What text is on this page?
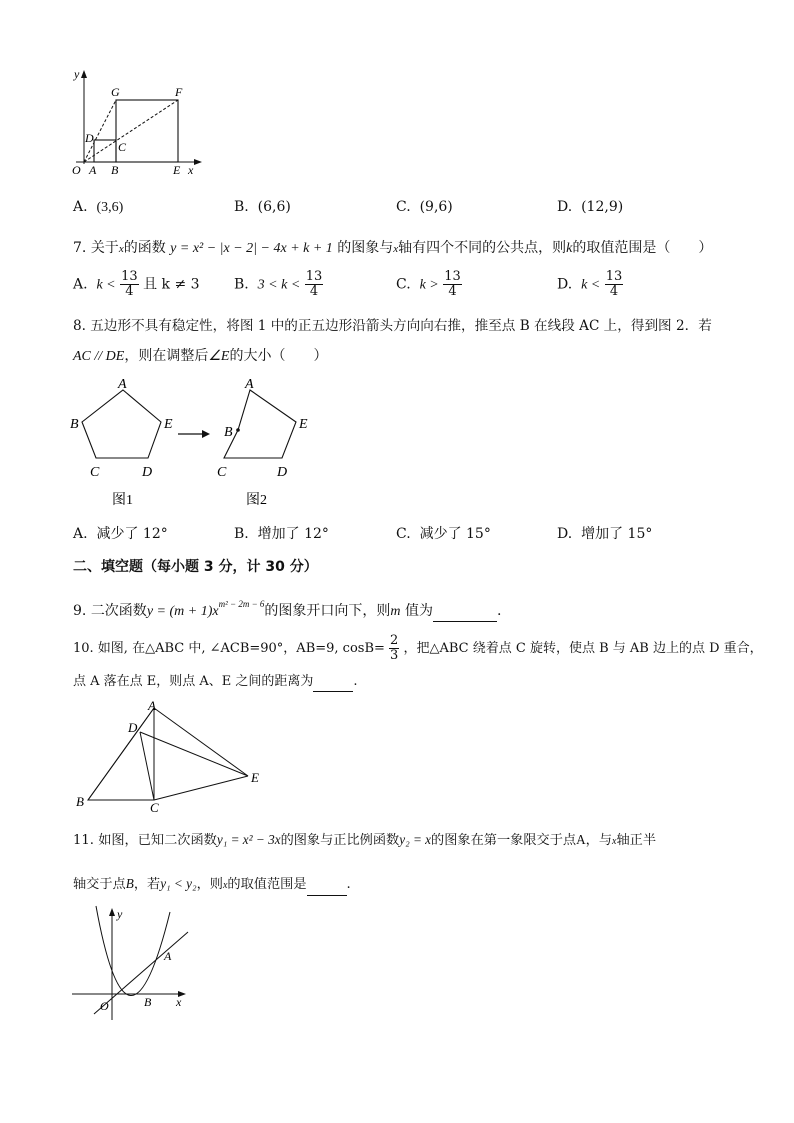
y
x
O A B	E
G	F
D
C
A. (3,6)	B. (6,6)	C. (9,6)	D. (12,9)
7. 关于x的函数 y = x² − |x − 2| − 4x + k + 1 的图象与x轴有四个不同的公共点，则k的取值范围是（　　）
A. $k < \frac{13}{4}$ 且 k ≠ 3 B. $3 < k < \frac{13}{4}$	C. $k > \frac{13}{4}$	D. $k < \frac{13}{4}$
8. 五边形不具有稳定性，将图 1 中的正五边形沿箭头方向向右推，推至点 B 在线段 AC 上，得到图 2．若
AC // DE，则在调整后∠E的大小（　　）
A
B	E
C	D
图1
A
B
E
C	D
图2
A. 减少了 12°	B. 增加了 12°	C. 减少了 15°	D. 增加了 15°
二、填空题（每小题 3 分，计 30 分）
9. 二次函数$y = (m + 1)x^{m^2 - 2m - 6}$的图象开口向下，则m 值为	.
10. 如图, 在△ABC 中, ∠ACB=90°，AB=9, $\cos B= \frac{2}{3}$ ，把△ABC 绕着点 C 旋转，使点 B 与 AB 边上的点 D 重合，
点 A 落在点 E，则点 A、E 之间的距离为	.
A
D
E
B	C
11. 如图，已知二次函数y₁ = x² − 3x的图象与正比例函数y₂ = x的图象在第一象限交于点A，与x轴正半
轴交于点B，若y₁ < y₂，则x的取值范围是	.
y
x
O
A
B
